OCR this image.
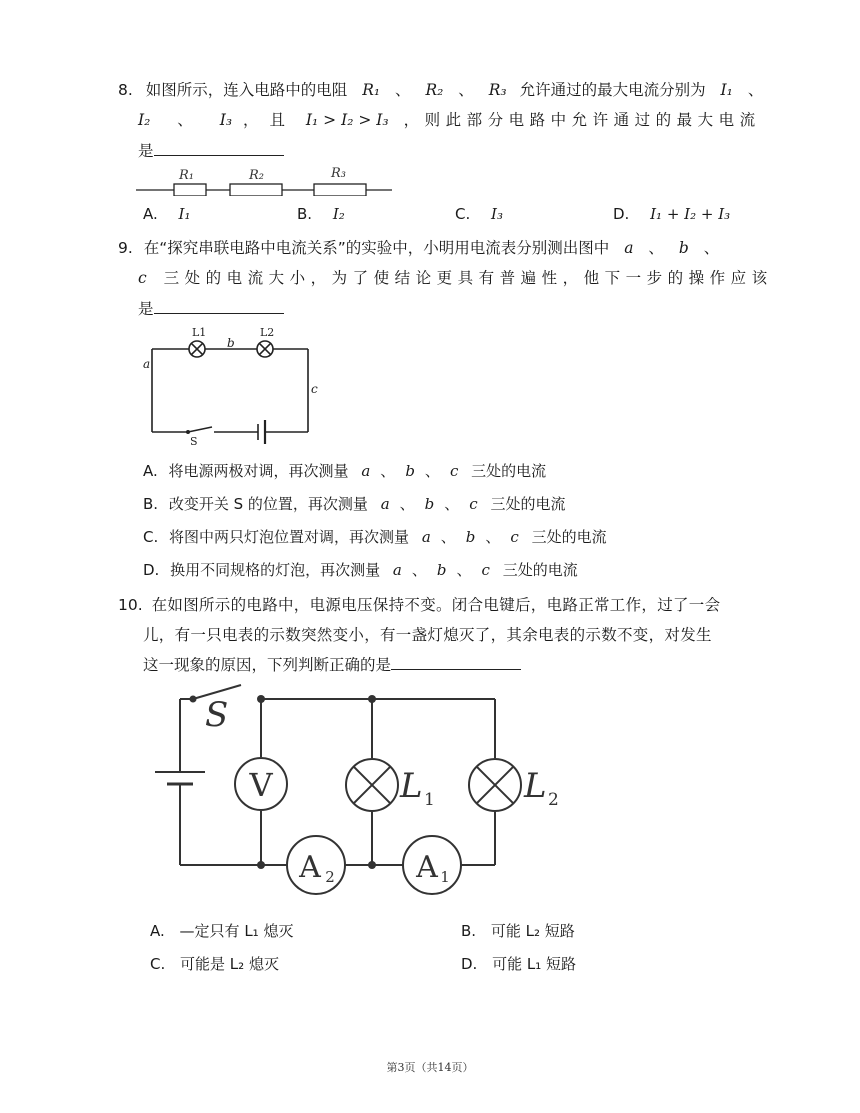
8. 如图所示，连入电路中的电阻 R₁ 、 R₂ 、 R₃ 允许通过的最大电流分别为 I₁ 、
I₂ 、 I₃ ， 且 I₁ > I₂ > I₃ ，则此部分电路中允许通过的最大电流
是
R₁	R₂	R₃
A. I₁	B. I₂	C. I₃	D. I₁ + I₂ + I₃
9. 在“探究串联电路中电流关系”的实验中，小明用电流表分别测出图中 a 、 b 、
c 三处的电流大小，为了使结论更具有普遍性，他下一步的操作应该
是
L1	L2
b
a
c
S
A. 将电源两极对调，再次测量 a 、 b 、 c 三处的电流
B. 改变开关 S 的位置，再次测量 a 、 b 、 c 三处的电流
C. 将图中两只灯泡位置对调，再次测量 a 、 b 、 c 三处的电流
D. 换用不同规格的灯泡，再次测量 a 、 b 、 c 三处的电流
10. 在如图所示的电路中，电源电压保持不变。闭合电键后，电路正常工作，过了一会
儿，有一只电表的示数突然变小，有一盏灯熄灭了，其余电表的示数不变，对发生
这一现象的原因，下列判断正确的是
V
A 2	A 1
S
L 1	L 2
A. —定只有 L₁ 熄灭	B. 可能 L₂ 短路
C. 可能是 L₂ 熄灭	D. 可能 L₁ 短路
第3页（共14页）
